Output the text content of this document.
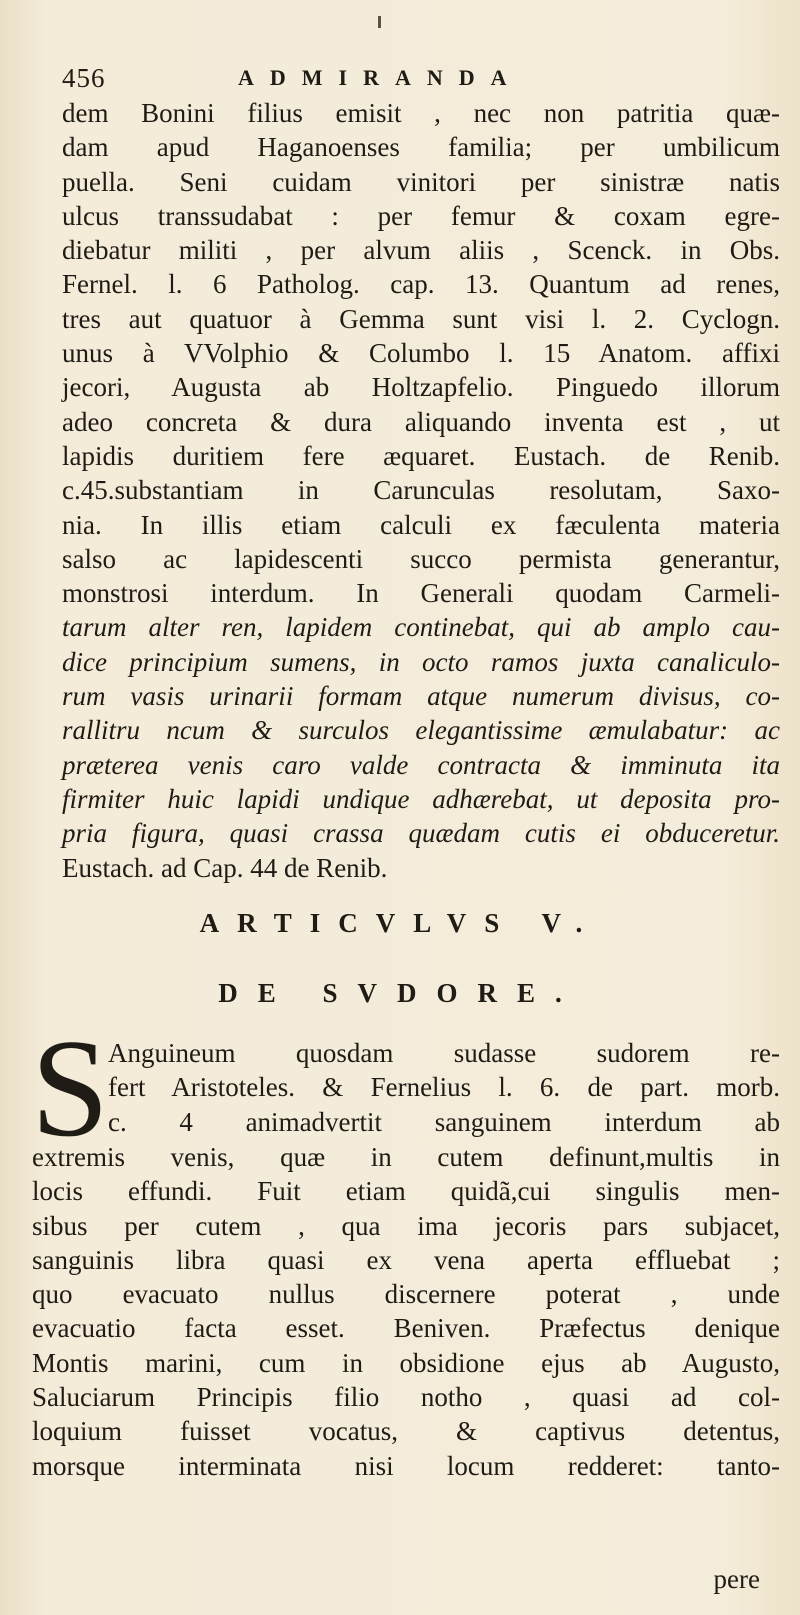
456	ADMIRANDA
dem Bonini filius emisit , nec non patritia quæ-
dam apud Haganoenses familia; per umbilicum
puella. Seni cuidam vinitori per sinistræ natis
ulcus transsudabat : per femur & coxam egre-
diebatur militi , per alvum aliis , Scenck. in Obs.
Fernel. l. 6 Patholog. cap. 13. Quantum ad renes,
tres aut quatuor à Gemma sunt visi l. 2. Cyclogn.
unus à VVolphio & Columbo l. 15 Anatom. affixi
jecori, Augusta ab Holtzapfelio. Pinguedo illorum
adeo concreta & dura aliquando inventa est , ut
lapidis duritiem fere æquaret. Eustach. de Renib.
c.45.substantiam in Carunculas resolutam, Saxo-
nia. In illis etiam calculi ex fæculenta materia
salso ac lapidescenti succo permista generantur,
monstrosi interdum. In Generali quodam Carmeli-
tarum alter ren, lapidem continebat, qui ab amplo cau-
dice principium sumens, in octo ramos juxta canaliculo-
rum vasis urinarii formam atque numerum divisus, co-
rallitru ncum & surculos elegantissime æmulabatur: ac
præterea venis caro valde contracta & imminuta ita
firmiter huic lapidi undique adhærebat, ut deposita pro-
pria figura, quasi crassa quædam cutis ei obduceretur.
Eustach. ad Cap. 44 de Renib.
ARTICVLVS V.
DE SVDORE.
S Anguineum quosdam sudasse sudorem re-
fert Aristoteles. & Fernelius l. 6. de part. morb.
c. 4 animadvertit sanguinem interdum ab
extremis venis, quæ in cutem definunt,multis in
locis effundi. Fuit etiam quidã,cui singulis men-
sibus per cutem , qua ima jecoris pars subjacet,
sanguinis libra quasi ex vena aperta effluebat ;
quo evacuato nullus discernere poterat , unde
evacuatio facta esset. Beniven. Præfectus denique
Montis marini, cum in obsidione ejus ab Augusto,
Saluciarum Principis filio notho , quasi ad col-
loquium fuisset vocatus, & captivus detentus,
morsque interminata nisi locum redderet: tanto-
pere
